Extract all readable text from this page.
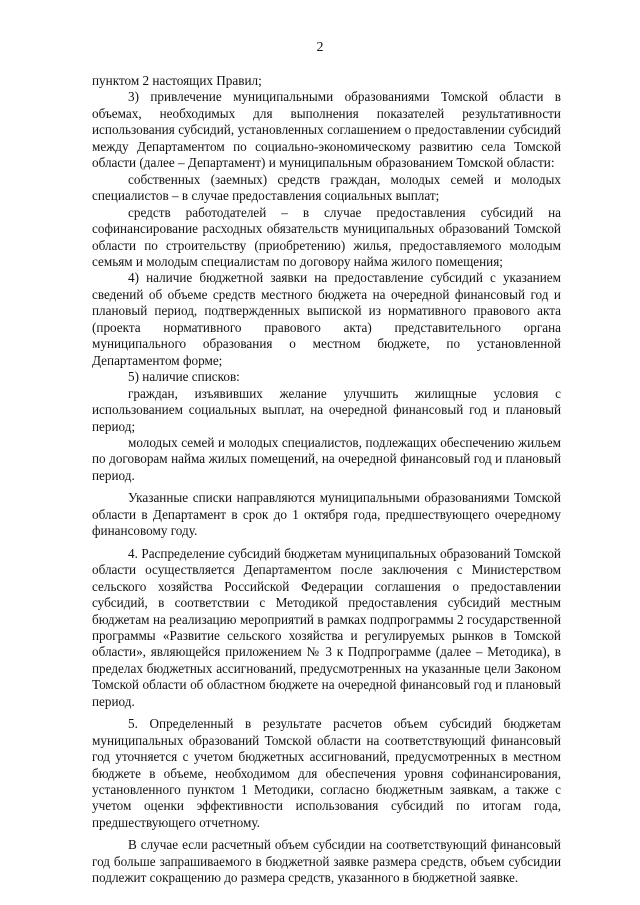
2

пунктом 2 настоящих Правил;

3) привлечение муниципальными образованиями Томской области в объемах, необходимых для выполнения показателей результативности использования субсидий, установленных соглашением о предоставлении субсидий между Департаментом по социально-экономическому развитию села Томской области (далее – Департамент) и муниципальным образованием Томской области:

собственных (заемных) средств граждан, молодых семей и молодых специалистов – в случае предоставления социальных выплат;

средств работодателей – в случае предоставления субсидий на софинансирование расходных обязательств муниципальных образований Томской области по строительству (приобретению) жилья, предоставляемого молодым семьям и молодым специалистам по договору найма жилого помещения;

4) наличие бюджетной заявки на предоставление субсидий с указанием сведений об объеме средств местного бюджета на очередной финансовый год и плановый период, подтвержденных выпиской из нормативного правового акта (проекта нормативного правового акта) представительного органа муниципального образования о местном бюджете, по установленной Департаментом форме;

5) наличие списков:

граждан, изъявивших желание улучшить жилищные условия с использованием социальных выплат, на очередной финансовый год и плановый период;

молодых семей и молодых специалистов, подлежащих обеспечению жильем по договорам найма жилых помещений, на очередной финансовый год и плановый период.

Указанные списки направляются муниципальными образованиями Томской области в Департамент в срок до 1 октября года, предшествующего очередному финансовому году.

4. Распределение субсидий бюджетам муниципальных образований Томской области осуществляется Департаментом после заключения с Министерством сельского хозяйства Российской Федерации соглашения о предоставлении субсидий, в соответствии с Методикой предоставления субсидий местным бюджетам на реализацию мероприятий в рамках подпрограммы 2 государственной программы «Развитие сельского хозяйства и регулируемых рынков в Томской области», являющейся приложением № 3 к Подпрограмме (далее – Методика), в пределах бюджетных ассигнований, предусмотренных на указанные цели Законом Томской области об областном бюджете на очередной финансовый год и плановый период.

5. Определенный в результате расчетов объем субсидий бюджетам муниципальных образований Томской области на соответствующий финансовый год уточняется с учетом бюджетных ассигнований, предусмотренных в местном бюджете в объеме, необходимом для обеспечения уровня софинансирования, установленного пунктом 1 Методики, согласно бюджетным заявкам, а также с учетом оценки эффективности использования субсидий по итогам года, предшествующего отчетному.

В случае если расчетный объем субсидии на соответствующий финансовый год больше запрашиваемого в бюджетной заявке размера средств, объем субсидии подлежит сокращению до размера средств, указанного в бюджетной заявке.
